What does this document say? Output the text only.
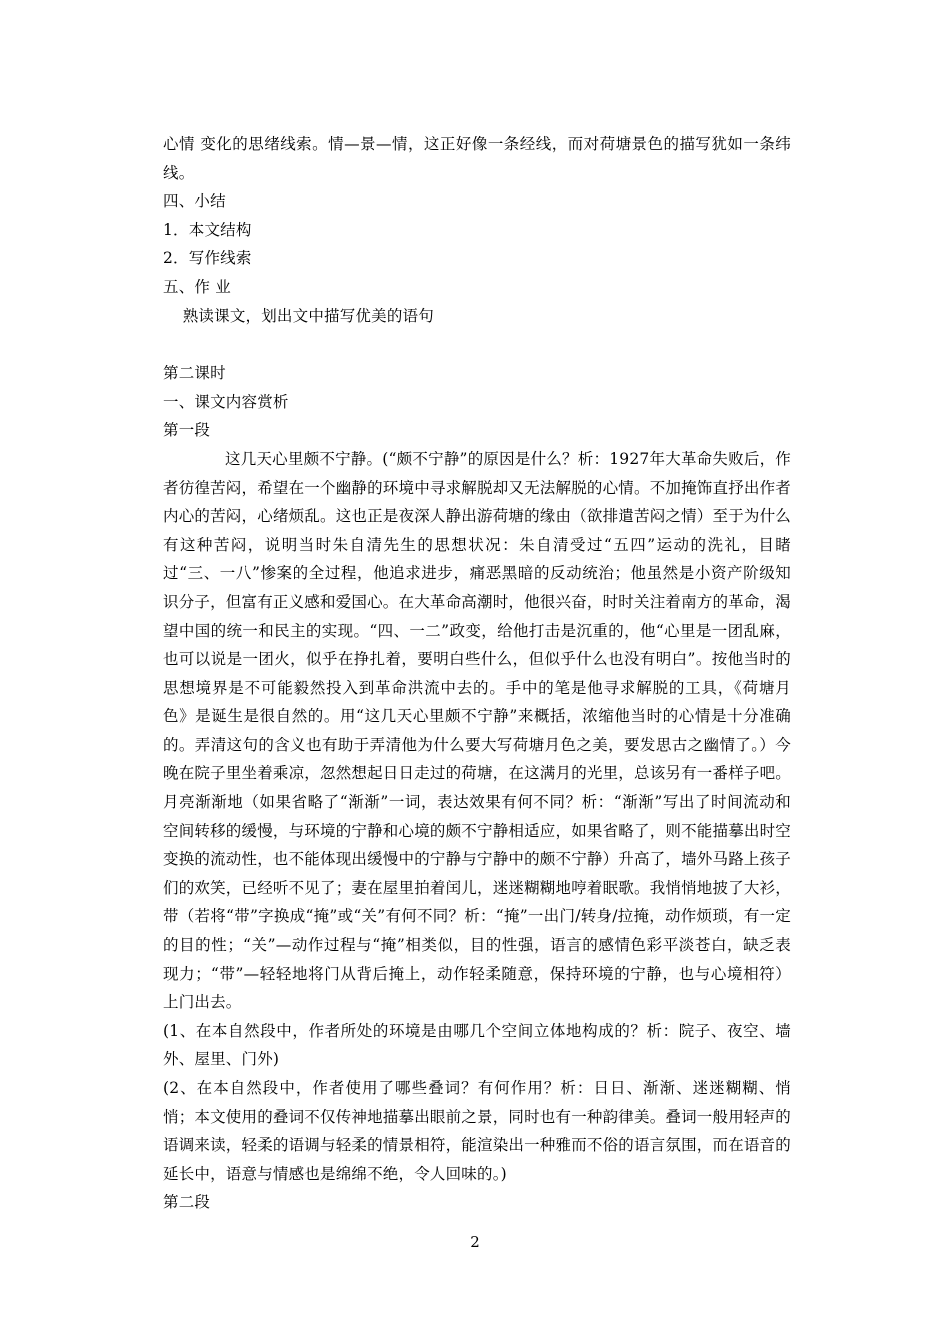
心情 变化的思绪线索。情—景—情，这正好像一条经线，而对荷塘景色的描写犹如一条纬线。

四、小结

1．本文结构

2．写作线索

五、作 业

熟读课文，划出文中描写优美的语句

第二课时

一、课文内容赏析

第一段

这几天心里颇不宁静。(“颇不宁静”的原因是什么？析：1927年大革命失败后，作者彷徨苦闷，希望在一个幽静的环境中寻求解脱却又无法解脱的心情。不加掩饰直抒出作者内心的苦闷，心绪烦乱。这也正是夜深人静出游荷塘的缘由（欲排遣苦闷之情）至于为什么有这种苦闷，说明当时朱自清先生的思想状况：朱自清受过“五四”运动的洗礼，目睹过“三、一八”惨案的全过程，他追求进步，痛恶黑暗的反动统治；他虽然是小资产阶级知识分子，但富有正义感和爱国心。在大革命高潮时，他很兴奋，时时关注着南方的革命，渴望中国的统一和民主的实现。“四、一二”政变，给他打击是沉重的，他“心里是一团乱麻，也可以说是一团火，似乎在挣扎着，要明白些什么，但似乎什么也没有明白”。按他当时的思想境界是不可能毅然投入到革命洪流中去的。手中的笔是他寻求解脱的工具，《荷塘月色》是诞生是很自然的。用“这几天心里颇不宁静”来概括，浓缩他当时的心情是十分准确的。弄清这句的含义也有助于弄清他为什么要大写荷塘月色之美，要发思古之幽情了。）今晚在院子里坐着乘凉，忽然想起日日走过的荷塘，在这满月的光里，总该另有一番样子吧。月亮渐渐地（如果省略了“渐渐”一词，表达效果有何不同？析：“渐渐”写出了时间流动和空间转移的缓慢，与环境的宁静和心境的颇不宁静相适应，如果省略了，则不能描摹出时空变换的流动性，也不能体现出缓慢中的宁静与宁静中的颇不宁静）升高了，墙外马路上孩子们的欢笑，已经听不见了；妻在屋里拍着闰儿，迷迷糊糊地哼着眠歌。我悄悄地披了大衫，带（若将“带”字换成“掩”或“关”有何不同？析：“掩”一出门/转身/拉掩，动作烦琐，有一定的目的性；“关”—动作过程与“掩”相类似，目的性强，语言的感情色彩平淡苍白，缺乏表现力；“带”—轻轻地将门从背后掩上，动作轻柔随意，保持环境的宁静，也与心境相符）上门出去。

(1、在本自然段中，作者所处的环境是由哪几个空间立体地构成的？析：院子、夜空、墙外、屋里、门外)

(2、在本自然段中，作者使用了哪些叠词？有何作用？析：日日、渐渐、迷迷糊糊、悄悄；本文使用的叠词不仅传神地描摹出眼前之景，同时也有一种韵律美。叠词一般用轻声的语调来读，轻柔的语调与轻柔的情景相符，能渲染出一种雅而不俗的语言氛围，而在语音的延长中，语意与情感也是绵绵不绝，令人回味的。)

第二段

2
